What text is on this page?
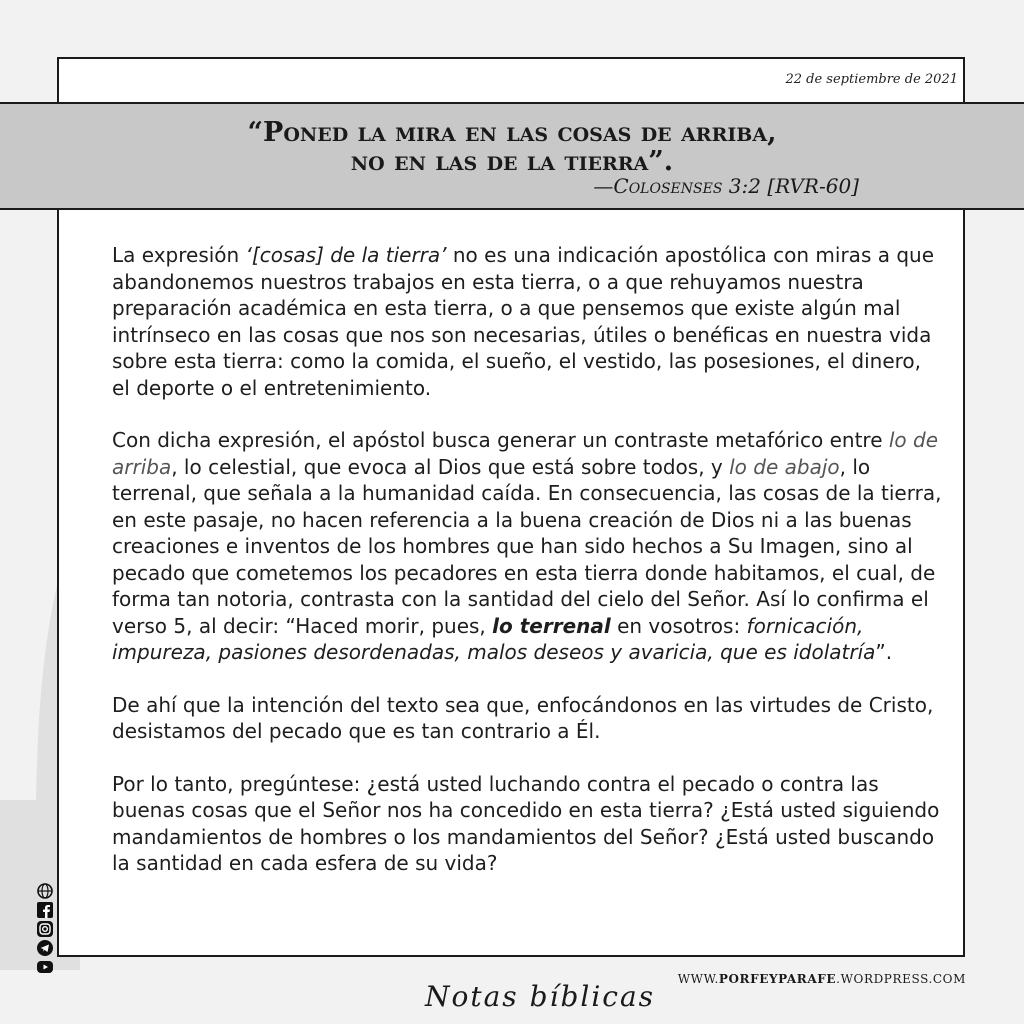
22 de septiembre de 2021
“Poned la mira en las cosas de arriba,
no en las de la tierra”.
—Colosenses 3:2 [RVR-60]

La expresión ‘[cosas] de la tierra’ no es una indicación apostólica con miras a que abandonemos nuestros trabajos en esta tierra, o a que rehuyamos nuestra preparación académica en esta tierra, o a que pensemos que existe algún mal intrínseco en las cosas que nos son necesarias, útiles o benéficas en nuestra vida sobre esta tierra: como la comida, el sueño, el vestido, las posesiones, el dinero, el deporte o el entretenimiento.

Con dicha expresión, el apóstol busca generar un contraste metafórico entre lo de arriba, lo celestial, que evoca al Dios que está sobre todos, y lo de abajo, lo terrenal, que señala a la humanidad caída. En consecuencia, las cosas de la tierra, en este pasaje, no hacen referencia a la buena creación de Dios ni a las buenas creaciones e inventos de los hombres que han sido hechos a Su Imagen, sino al pecado que cometemos los pecadores en esta tierra donde habitamos, el cual, de forma tan notoria, contrasta con la santidad del cielo del Señor. Así lo confirma el verso 5, al decir: “Haced morir, pues, lo terrenal en vosotros: fornicación, impureza, pasiones desordenadas, malos deseos y avaricia, que es idolatría”.

De ahí que la intención del texto sea que, enfocándonos en las virtudes de Cristo, desistamos del pecado que es tan contrario a Él.

Por lo tanto, pregúntese: ¿está usted luchando contra el pecado o contra las buenas cosas que el Señor nos ha concedido en esta tierra? ¿Está usted siguiendo mandamientos de hombres o los mandamientos del Señor? ¿Está usted buscando la santidad en cada esfera de su vida?

WWW.PORFEYPARAFE.WORDPRESS.COM
Notas bíblicas
